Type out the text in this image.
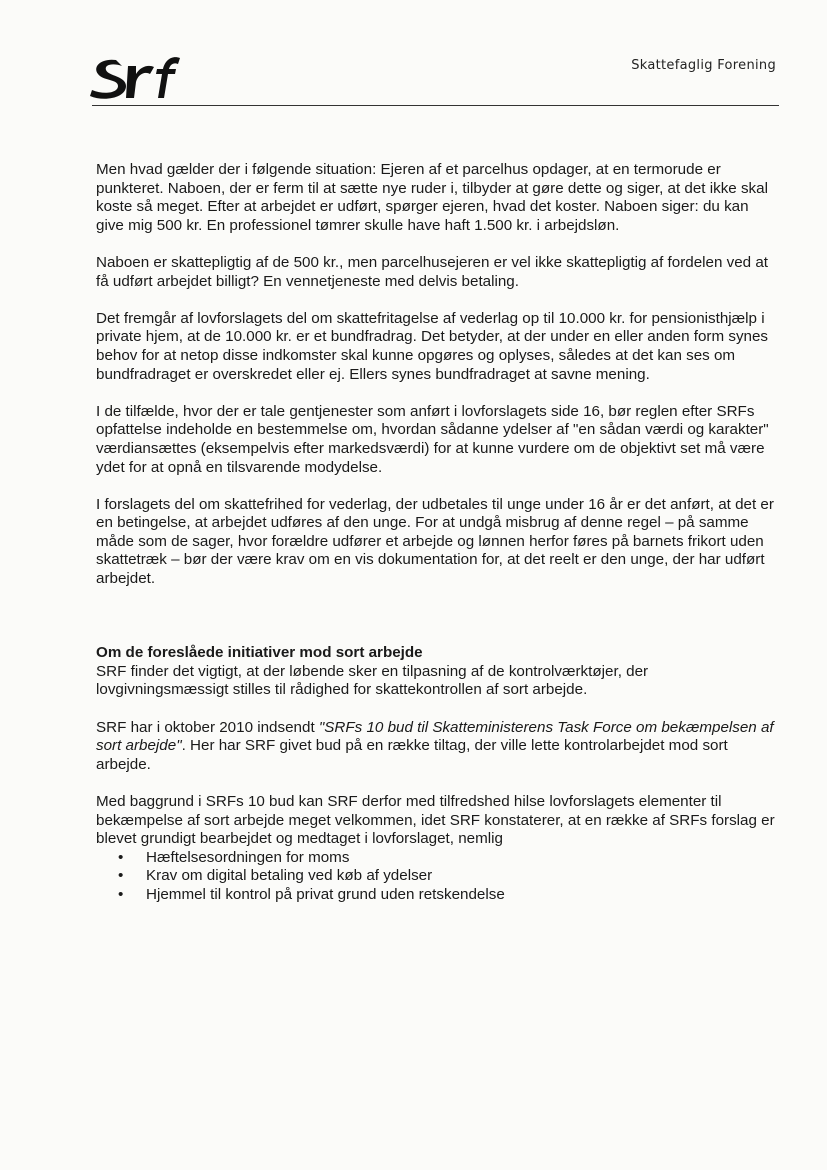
Skattefaglig Forening

Men hvad gælder der i følgende situation: Ejeren af et parcelhus opdager, at en termorude er punkteret. Naboen, der er ferm til at sætte nye ruder i, tilbyder at gøre dette og siger, at det ikke skal koste så meget. Efter at arbejdet er udført, spørger ejeren, hvad det koster. Naboen siger: du kan give mig 500 kr. En professionel tømrer skulle have haft 1.500 kr. i arbejdsløn.

Naboen er skattepligtig af de 500 kr., men parcelhusejeren er vel ikke skattepligtig af fordelen ved at få udført arbejdet billigt? En vennetjeneste med delvis betaling.

Det fremgår af lovforslagets del om skattefritagelse af vederlag op til 10.000 kr. for pensionisthjælp i private hjem, at de 10.000 kr. er et bundfradrag. Det betyder, at der under en eller anden form synes behov for at netop disse indkomster skal kunne opgøres og oplyses, således at det kan ses om bundfradraget er overskredet eller ej. Ellers synes bundfradraget at savne mening.

I de tilfælde, hvor der er tale gentjenester som anført i lovforslagets side 16, bør reglen efter SRFs opfattelse indeholde en bestemmelse om, hvordan sådanne ydelser af "en sådan værdi og karakter" værdiansættes (eksempelvis efter markedsværdi) for at kunne vurdere om de objektivt set må være ydet for at opnå en tilsvarende modydelse.

I forslagets del om skattefrihed for vederlag, der udbetales til unge under 16 år er det anført, at det er en betingelse, at arbejdet udføres af den unge. For at undgå misbrug af denne regel – på samme måde som de sager, hvor forældre udfører et arbejde og lønnen herfor føres på barnets frikort uden skattetræk – bør der være krav om en vis dokumentation for, at det reelt er den unge, der har udført arbejdet.

Om de foreslåede initiativer mod sort arbejde

SRF finder det vigtigt, at der løbende sker en tilpasning af de kontrolværktøjer, der lovgivningsmæssigt stilles til rådighed for skattekontrollen af sort arbejde.

SRF har i oktober 2010 indsendt "SRFs 10 bud til Skatteministerens Task Force om bekæmpelsen af sort arbejde". Her har SRF givet bud på en række tiltag, der ville lette kontrolarbejdet mod sort arbejde.

Med baggrund i SRFs 10 bud kan SRF derfor med tilfredshed hilse lovforslagets elementer til bekæmpelse af sort arbejde meget velkommen, idet SRF konstaterer, at en række af SRFs forslag er blevet grundigt bearbejdet og medtaget i lovforslaget, nemlig

• Hæftelsesordningen for moms
• Krav om digital betaling ved køb af ydelser
• Hjemmel til kontrol på privat grund uden retskendelse
